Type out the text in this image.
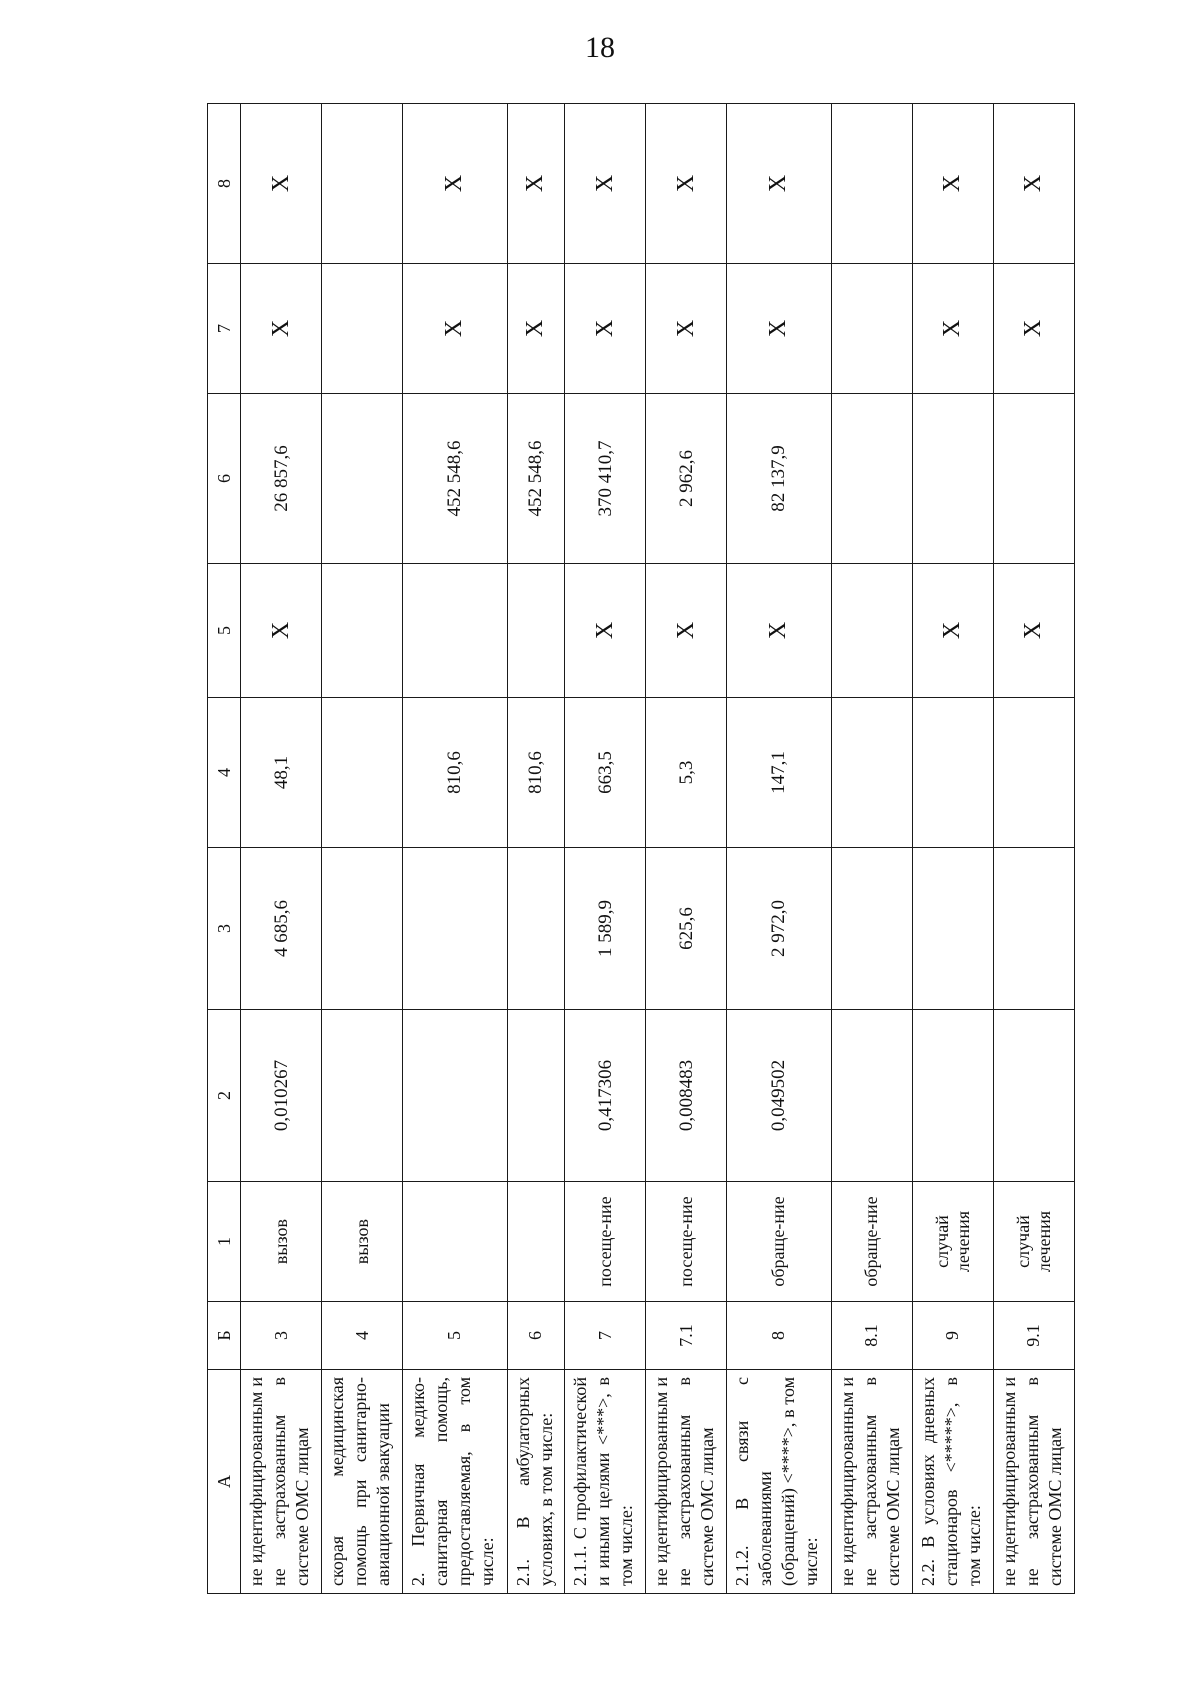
18
А	Б	1	2	3	4	5	6	7	8
не идентифицированным и не застрахованным в системе ОМС лицам	3	вызов	0,010267	4 685,6	48,1	X	26 857,6	X	X
скорая медицинская помощь при санитарно-авиационной эвакуации	4	вызов							
2. Первичная медико-санитарная помощь, предоставляемая, в том числе:	5				810,6		452 548,6	X	X
2.1. В амбулаторных условиях, в том числе:	6				810,6		452 548,6	X	X
2.1.1. С профилактической и иными целями <***>, в том числе:	7	посеще-ние	0,417306	1 589,9	663,5	X	370 410,7	X	X
не идентифицированным и не застрахованным в системе ОМС лицам	7.1	посеще-ние	0,008483	625,6	5,3	X	2 962,6	X	X
2.1.2. В связи с заболеваниями (обращений) <****>, в том числе:	8	обраще-ние	0,049502	2 972,0	147,1	X	82 137,9	X	X
не идентифицированным и не застрахованным в системе ОМС лицам	8.1	обраще-ние							
2.2. В условиях дневных стационаров <*****>, в том числе:	9	случай лечения				X		X	X
не идентифицированным и не застрахованным в системе ОМС лицам	9.1	случай лечения				X		X	X
